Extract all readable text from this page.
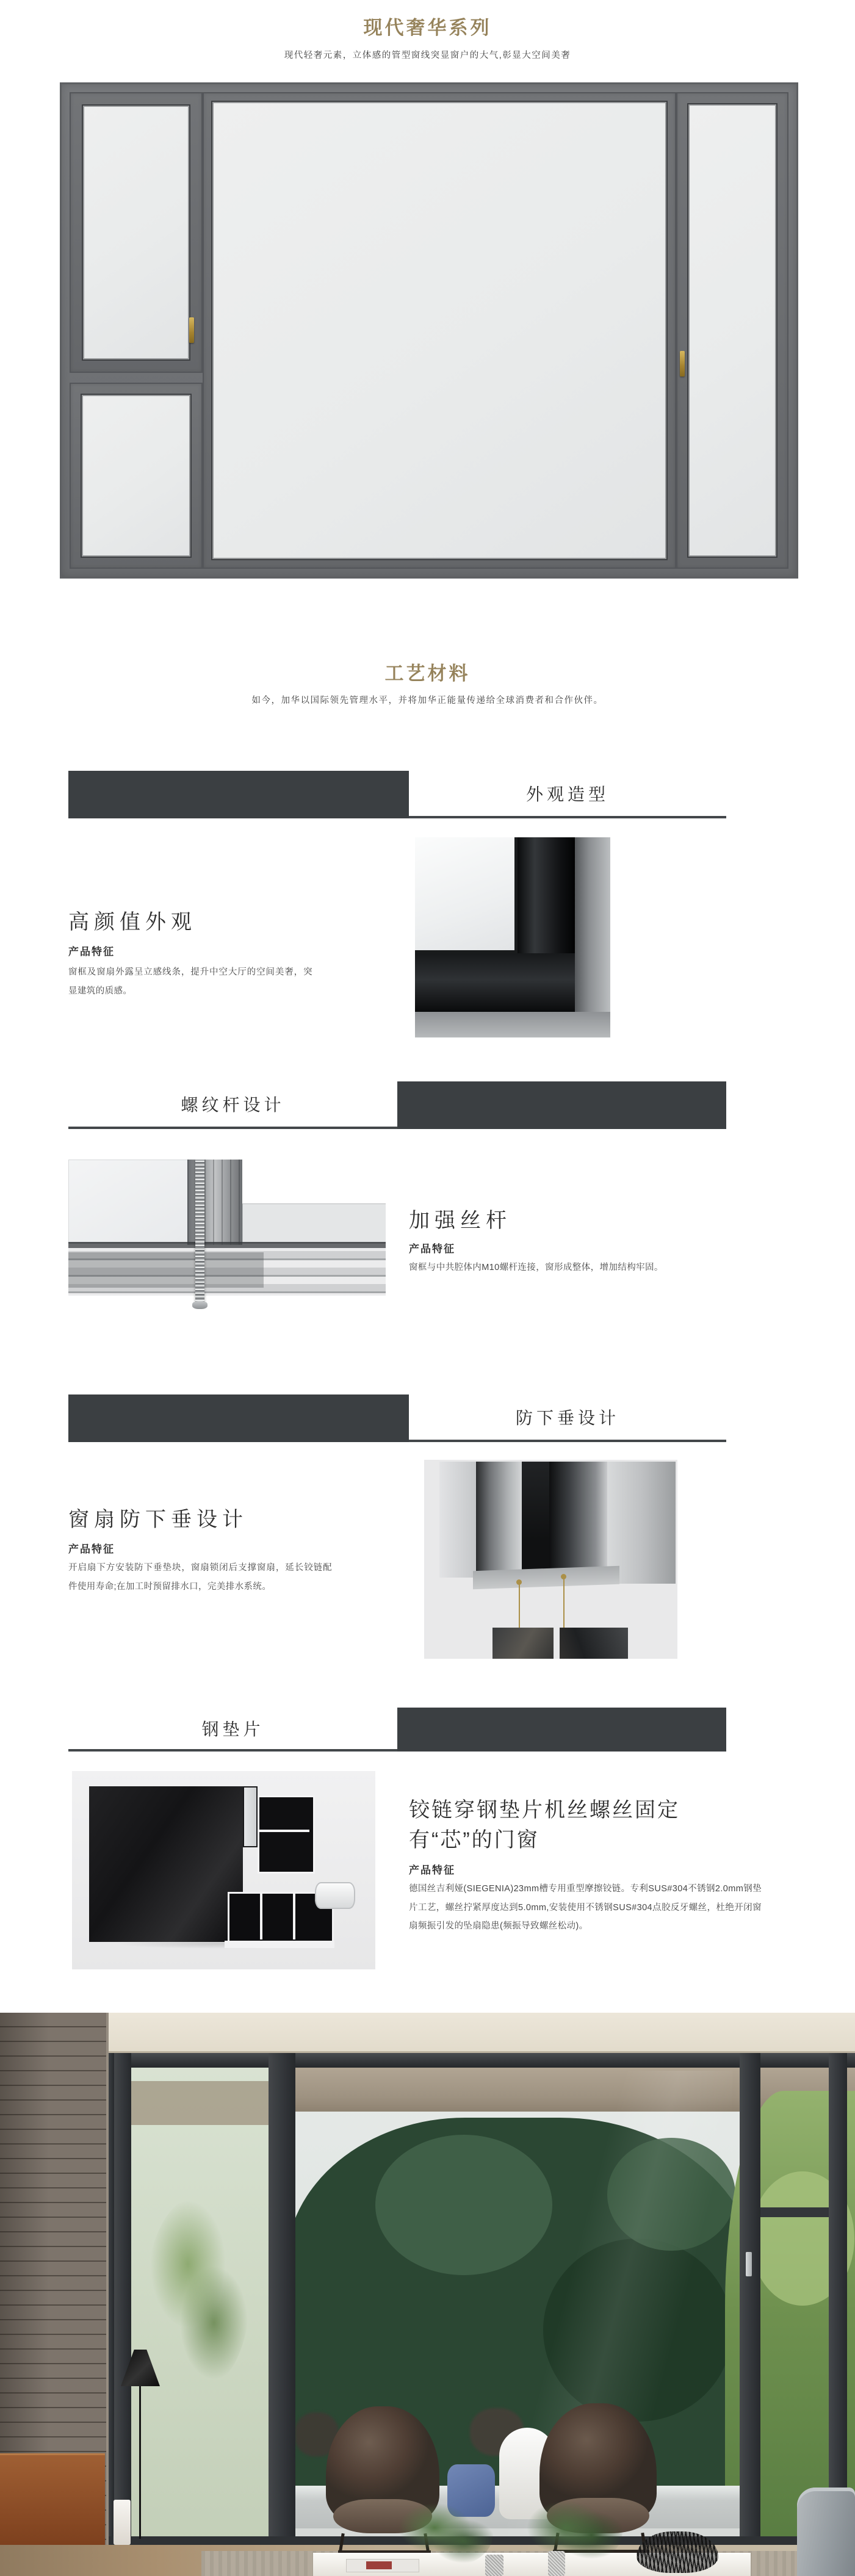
现代奢华系列
现代轻奢元素，立体感的管型窗线突显窗户的大气,彰显大空间美奢
工艺材料
如今，加华以国际领先管理水平，并将加华正能量传递给全球消费者和合作伙伴。
外观造型
高颜值外观
产品特征
窗框及窗扇外露呈立感线条，提升中空大厅的空间美奢，突显建筑的质感。
螺纹杆设计
加强丝杆
产品特征
窗框与中共腔体内M10螺杆连接，窗形成整体，增加结构牢固。
防下垂设计
窗扇防下垂设计
产品特征
开启扇下方安装防下垂垫块，窗扇锁闭后支撑窗扇，延长铰链配件使用寿命;在加工时预留排水口，完美排水系统。
钢垫片
铰链穿钢垫片机丝螺丝固定
有“芯”的门窗
产品特征
德国丝吉利娅(SIEGENIA)23mm槽专用重型摩擦铰链。专利SUS#304不锈钢2.0mm钢垫片工艺，螺丝拧紧厚度达到5.0mm,安装使用不锈钢SUS#304点胶反牙螺丝，杜绝开闭窗扇频振引发的坠扇隐患(频振导致螺丝松动)。
